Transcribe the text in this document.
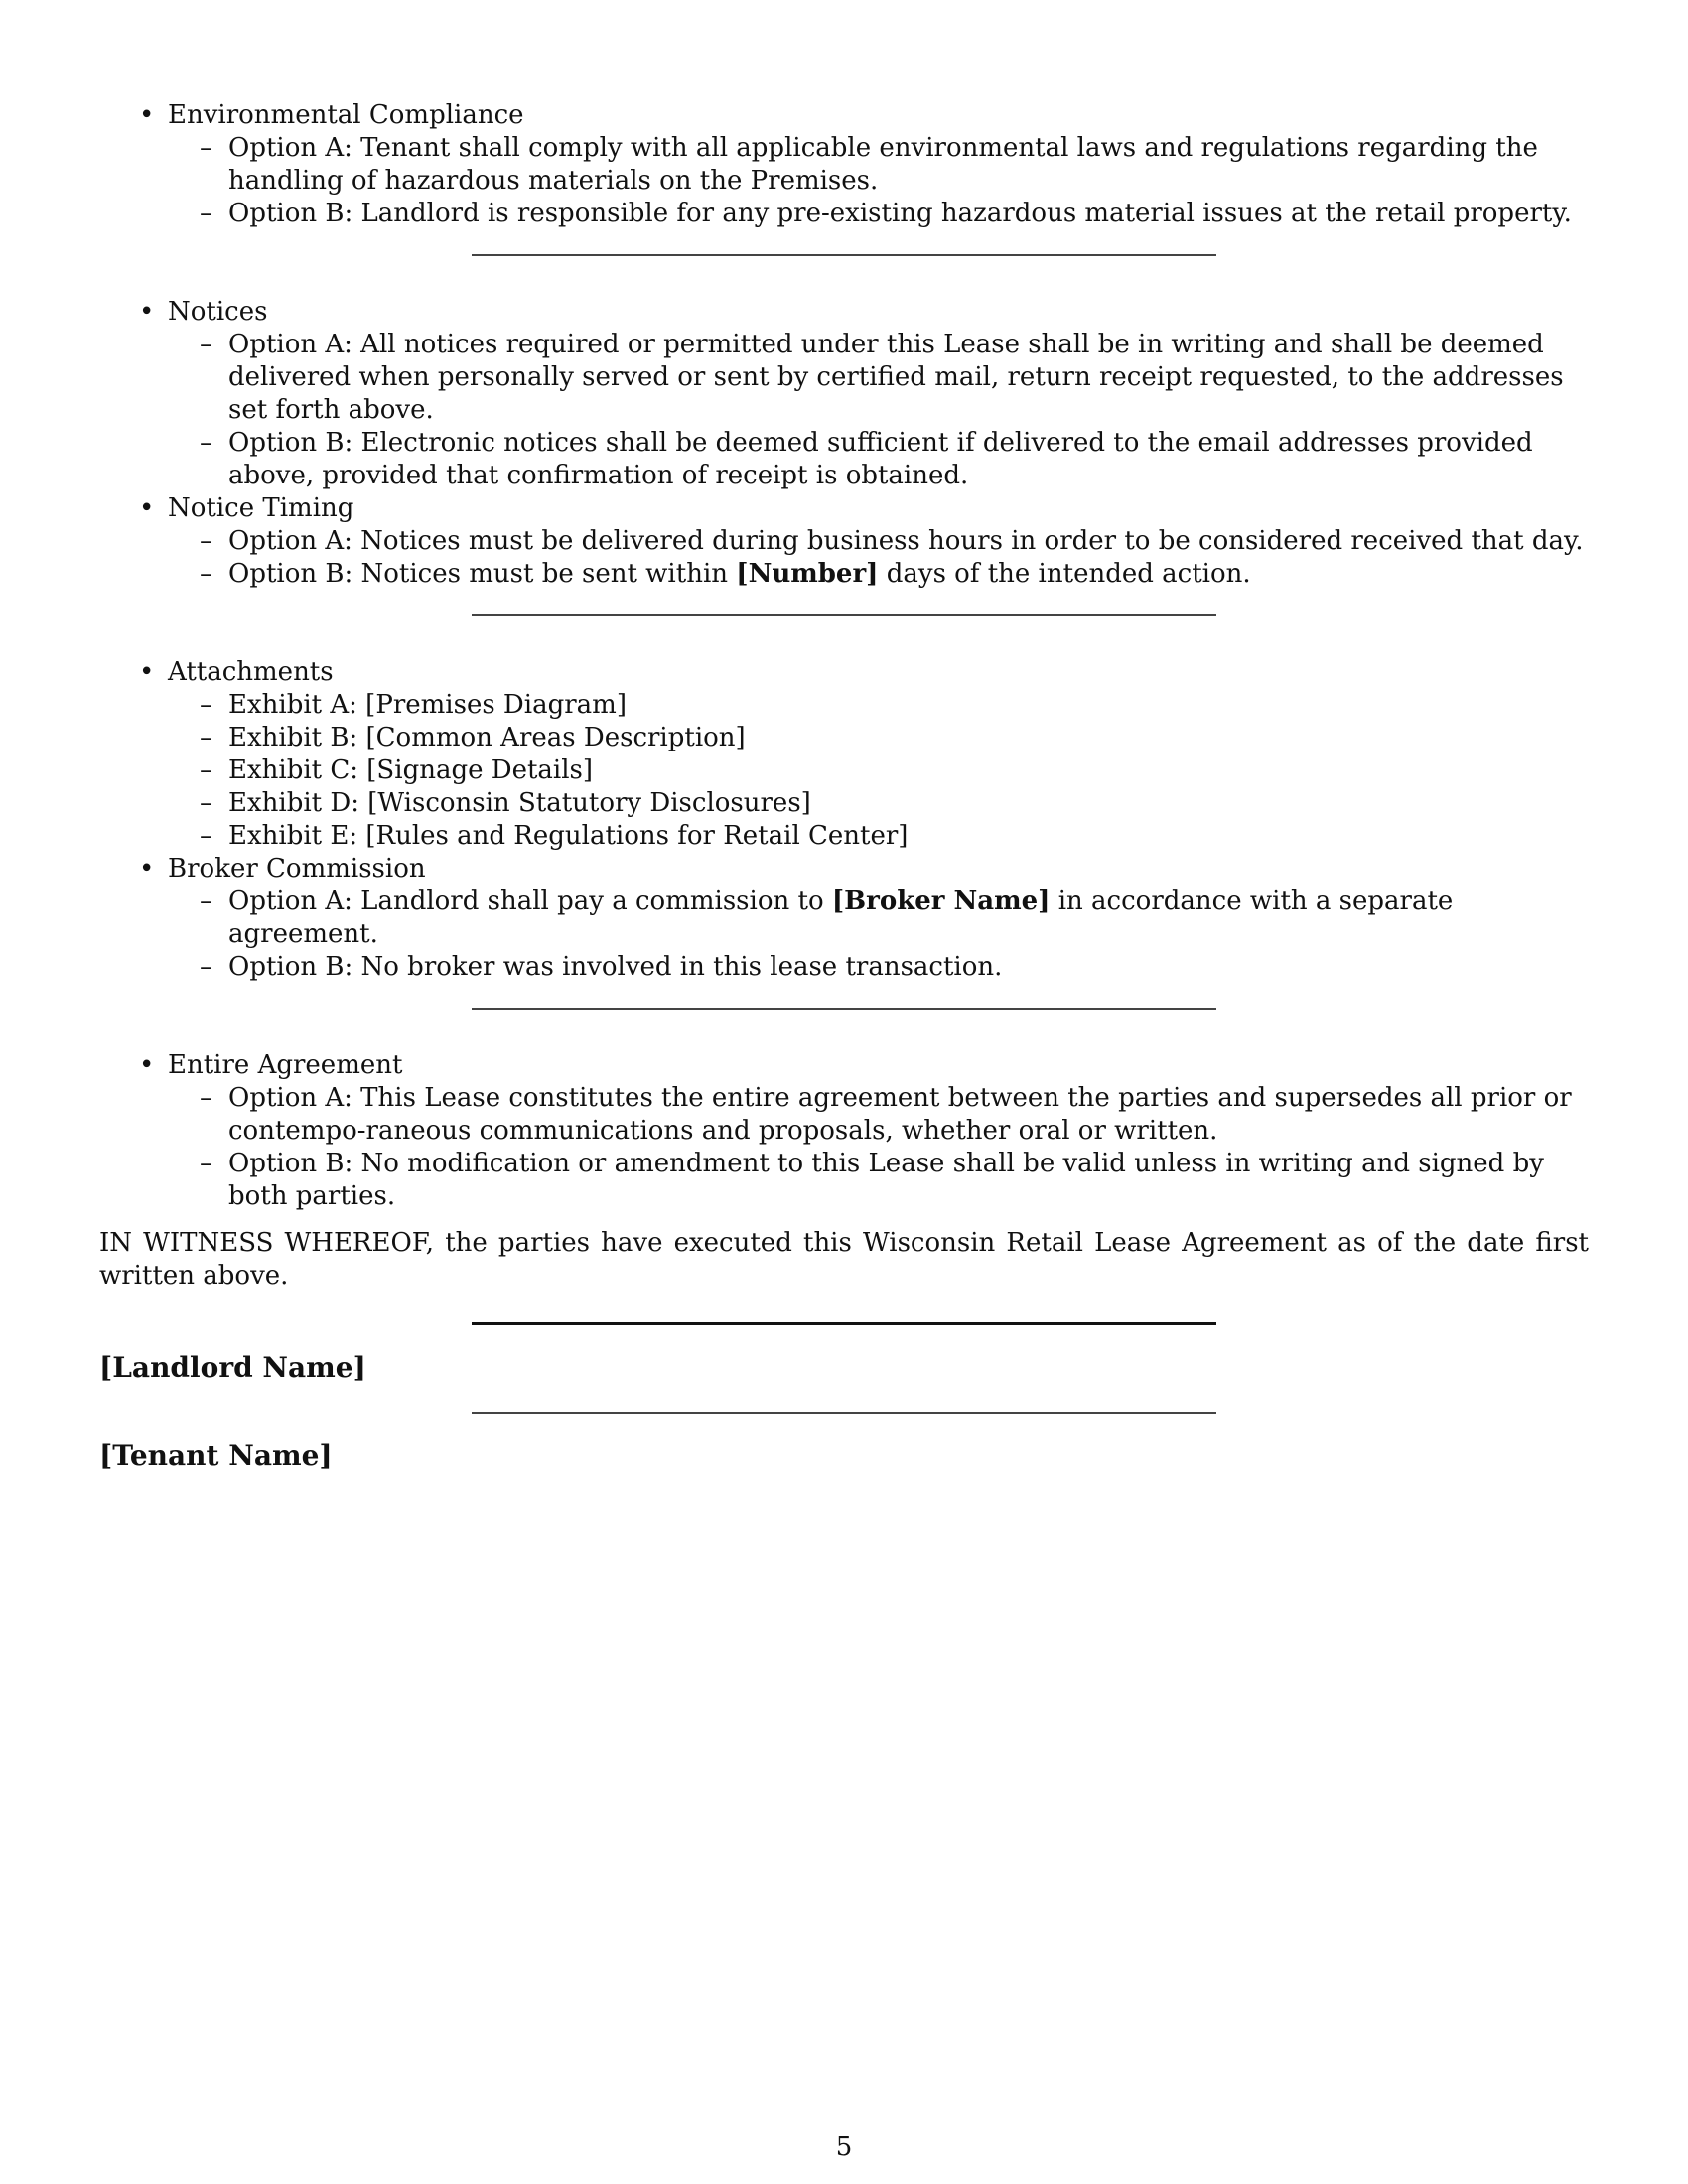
• Environmental Compliance
– Option A: Tenant shall comply with all applicable environmental laws and regulations regarding the handling of hazardous materials on the Premises.
– Option B: Landlord is responsible for any pre-existing hazardous material issues at the retail property.
• Notices
– Option A: All notices required or permitted under this Lease shall be in writing and shall be deemed delivered when personally served or sent by certified mail, return receipt requested, to the addresses set forth above.
– Option B: Electronic notices shall be deemed sufficient if delivered to the email addresses provided above, provided that confirmation of receipt is obtained.
• Notice Timing
– Option A: Notices must be delivered during business hours in order to be considered received that day.
– Option B: Notices must be sent within [Number] days of the intended action.
• Attachments
– Exhibit A: [Premises Diagram]
– Exhibit B: [Common Areas Description]
– Exhibit C: [Signage Details]
– Exhibit D: [Wisconsin Statutory Disclosures]
– Exhibit E: [Rules and Regulations for Retail Center]
• Broker Commission
– Option A: Landlord shall pay a commission to [Broker Name] in accordance with a separate agreement.
– Option B: No broker was involved in this lease transaction.
• Entire Agreement
– Option A: This Lease constitutes the entire agreement between the parties and supersedes all prior or contempo-raneous communications and proposals, whether oral or written.
– Option B: No modification or amendment to this Lease shall be valid unless in writing and signed by both parties.
IN WITNESS WHEREOF, the parties have executed this Wisconsin Retail Lease Agreement as of the date first written above.
[Landlord Name]
[Tenant Name]
5
